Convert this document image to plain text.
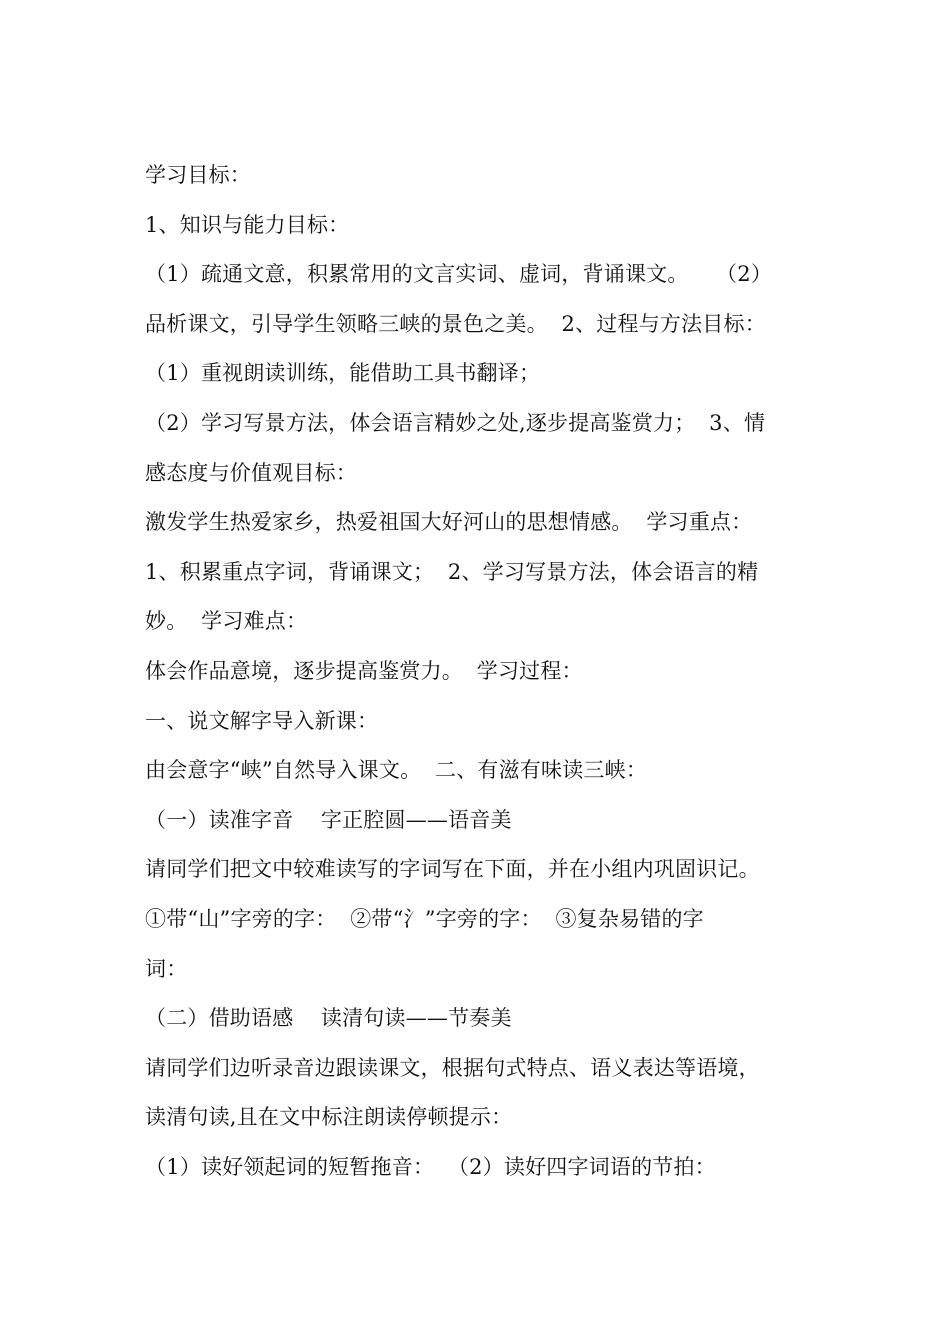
学习目标：
1、知识与能力目标：
（1）疏通文意，积累常用的文言实词、虚词，背诵课文。    （2）
品析课文，引导学生领略三峡的景色之美。  2、过程与方法目标：
（1）重视朗读训练，能借助工具书翻译；
（2）学习写景方法，体会语言精妙之处,逐步提高鉴赏力；  3、情
感态度与价值观目标：
激发学生热爱家乡，热爱祖国大好河山的思想情感。  学习重点：
1、积累重点字词，背诵课文；  2、学习写景方法，体会语言的精
妙。  学习难点：
体会作品意境，逐步提高鉴赏力。  学习过程：
一、说文解字导入新课：
由会意字“峡”自然导入课文。  二、有滋有味读三峡：
（一）读准字音    字正腔圆——语音美
请同学们把文中较难读写的字词写在下面，并在小组内巩固识记。
①带“山”字旁的字：  ②带“氵”字旁的字：  ③复杂易错的字
词：
（二）借助语感    读清句读——节奏美
请同学们边听录音边跟读课文，根据句式特点、语义表达等语境，
读清句读,且在文中标注朗读停顿提示：
（1）读好领起词的短暂拖音：  （2）读好四字词语的节拍：
